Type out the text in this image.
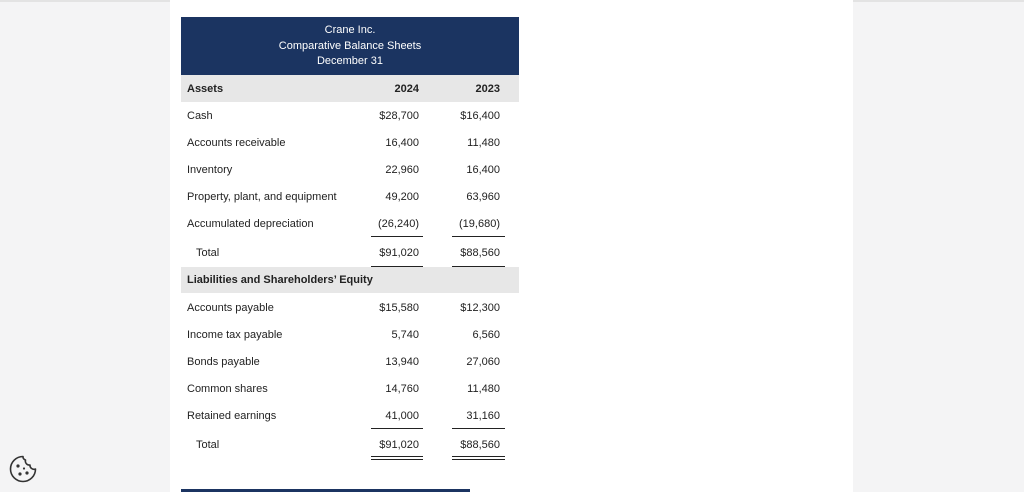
Crane Inc.
Comparative Balance Sheets
December 31
Assets	2024	2023
Cash	$28,700	$16,400
Accounts receivable	16,400	11,480
Inventory	22,960	16,400
Property, plant, and equipment	49,200	63,960
Accumulated depreciation	(26,240)	(19,680)
Total	$91,020	$88,560
Liabilities and Shareholders’ Equity
Accounts payable	$15,580	$12,300
Income tax payable	5,740	6,560
Bonds payable	13,940	27,060
Common shares	14,760	11,480
Retained earnings	41,000	31,160
Total	$91,020	$88,560
